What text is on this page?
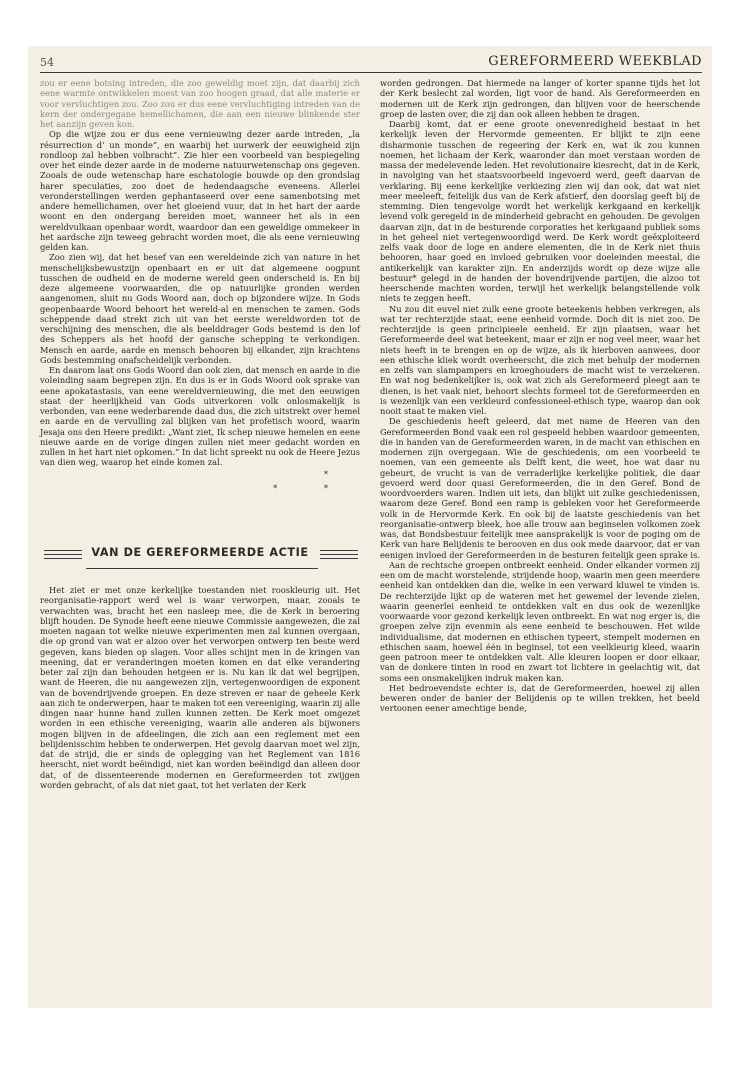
54	GEREFORMEERD WEEKBLAD

zou er eene botsing intreden, die zoo geweldig moet zijn, dat daarbij zich eene warmte ontwikkelen moest van zoo hoogen graad, dat alle materie er voor vervluchtigen zou. Zoo zou er dus eene vervluchtiging intreden van de kern der ondergegane hemellichamen, die aan een nieuwe blinkende ster het aanzijn geven kon.

Op die wijze zou er dus eene vernieuwing dezer aarde intreden, „la résurrection d’ un monde”, en waarbij het uurwerk der eeuwigheid zijn rondloop zal hebben volbracht”. Zie hier een voorbeeld van bespiegeling over het einde dezer aarde in de moderne natuurwetenschap ons gegeven. Zooals de oude wetenschap hare eschatologie bouwde op den grondslag harer speculaties, zoo doet de hedendaagsche eveneens. Allerlei veronderstellingen werden gephantaseerd over eene samenbotsing met andere hemellichamen, over het gloeiend vuur, dat in het hart der aarde woont en den ondergang bereiden moet, wanneer het als in een wereldvulkaan openbaar wordt, waardoor dan een geweldige ommekeer in het aardsche zijn teweeg gebracht worden moet, die als eene vernieuwing gelden kan.

Zoo zien wij, dat het besef van een wereldeinde zich van nature in het menschelijksbewustzijn openbaart en er uit dat algemeene oogpunt tusschen de oudheid en de moderne wereld geen onderscheid is. En bij deze algemeene voorwaarden, die op natuurlijke gronden werden aangenomen, sluit nu Gods Woord aan, doch op bijzondere wijze. In Gods geopenbaarde Woord behoort het wereld-al en menschen te zamen. Gods scheppende daad strekt zich uit van het eerste wereldworden tot de verschijning des menschen, die als beelddrager Gods bestemd is den lof des Scheppers als het hoofd der gansche schepping te verkondigen. Mensch en aarde, aarde en mensch behooren bij elkander, zijn krachtens Gods bestemming onafscheidelijk verbonden.

En daarom laat ons Gods Woord dan ook zien, dat mensch en aarde in die voleinding saam begrepen zijn. En dus is er in Gods Woord ook sprake van eene apokatastasis, van eene wereldvernieuwing, die met den eeuwigen staat der heerlijkheid van Gods uitverkoren volk onlosmakelijk is verbonden, van eene wederbarende daad dus, die zich uitstrekt over hemel en aarde en de vervulling zal blijken van het profetisch woord, waarin Jesaja ons den Heere predikt: „Want ziet, Ik schep nieuwe hemelen en eene nieuwe aarde en de vorige dingen zullen niet meer gedacht worden en zullen in het hart niet opkomen.” In dat licht spreekt nu ook de Heere Jezus van dien weg, waarop het einde komen zal.

*
* *
VAN DE GEREFORMEERDE ACTIE

Het ziet er met onze kerkelijke toestanden niet rooskleurig uit. Het reorganisatie-rapport werd wel is waar verworpen, maar, zooals te verwachten was, bracht het een nasleep mee, die de Kerk in beroering blijft houden. De Synode heeft eene nieuwe Commissie aangewezen, die zal moeten nagaan tot welke nieuwe experimenten men zal kunnen overgaan, die op grond van wat er alzoo over het verworpen ontwerp ten beste werd gegeven, kans bieden op slagen. Voor alles schijnt men in de kringen van meening, dat er veranderingen moeten komen en dat elke verandering beter zal zijn dan behouden hetgeen er is. Nu kan ik dat wel begrijpen, want de Heeren, die nu aangewezen zijn, vertegenwoordigen de exponent van de bovendrijvende groepen. En deze streven er naar de geheele Kerk aan zich te onderwerpen, haar te maken tot een vereeniging, waarin zij alle dingen naar hunne hand zullen kunnen zetten. De Kerk moet omgezet worden in een ethische vereeniging, waarin alle anderen als bijwoners mogen blijven in de afdeelingen, die zich aan een reglement met een belijdenisschim hebben te onderwerpen. Het gevolg daarvan moet wel zijn, dat de strijd, die er sinds de oplegging van het Reglement van 1816 heerscht, niet wordt beëindigd, niet kan worden beëindigd dan alleen door dat, of de dissenteerende modernen en Gereformeerden tot zwijgen worden gebracht, of als dat niet gaat, tot het verlaten der Kerk

worden gedrongen. Dat hiermede na langer of korter spanne tijds het lot der Kerk beslecht zal worden, ligt voor de hand. Als Gereformeerden en modernen uit de Kerk zijn gedrongen, dan blijven voor de heerschende groep de lasten over, die zij dan ook alleen hebben te dragen.

Daarbij komt, dat er eene groote onevenredigheid bestaat in het kerkelijk leven der Hervormde gemeenten. Er blijkt te zijn eene disharmonie tusschen de regeering der Kerk en, wat ik zou kunnen noemen, het lichaam der Kerk, waaronder dan moet verstaan worden de massa der medelevende leden. Het revolutionaire kiesrecht, dat in de Kerk, in navolging van het staatsvoorbeeld ingevoerd werd, geeft daarvan de verklaring. Bij eene kerkelijke verkiezing zien wij dan ook, dat wat niet meer meeleeft, feitelijk dus van de Kerk afstierf, den doorslag geeft bij de stemming. Dien tengevolge wordt het werkelijk kerkgaand en kerkelijk levend volk geregeld in de minderheid gebracht en gehouden. De gevolgen daarvan zijn, dat in de besturende corporaties het kerkgaand publiek soms in het geheel niet vertegenwoordigd werd. De Kerk wordt geëxploiteerd zelfs vaak door de loge en andere elementen, die in de Kerk niet thuis behooren, haar goed en invloed gebruiken voor doeleinden meestal, die antikerkelijk van karakter zijn. En anderzijds wordt op deze wijze alle bestuur* gelegd in de handen der bovendrijvende partijen, die alzoo tot heerschende machten worden, terwijl het werkelijk belangstellende volk niets te zeggen heeft.

Nu zou dit euvel niet zulk eene groote beteekenis hebben verkregen, als wat ter rechterzijde staat, eene eenheid vormde. Doch dit is niet zoo. De rechterzijde is geen principieele eenheid. Er zijn plaatsen, waar het Gereformeerde deel wat beteekent, maar er zijn er nog veel meer, waar het niets heeft in te brengen en op de wijze, als ik hierboven aanwees, door een ethische kliek wordt overheerscht, die zich met behulp der modernen en zelfs van slampampers en kroeghouders de macht wist te verzekeren. En wat nog bedenkelijker is, ook wat zich als Gereformeerd pleegt aan te dienen, is het vaak niet, behoort slechts formeel tot de Gereformeerden en is wezenlijk van een verkleurd confessioneel-ethisch type, waarop dan ook nooit staat te maken viel.

De geschiedenis heeft geleerd, dat met name de Heeren van den Gereformeerden Bond vaak een rol gespeeld hebben waardoor gemeenten, die in handen van de Gereformeerden waren, in de macht van ethischen en modernen zijn overgegaan. Wie de geschiedenis, om een voorbeeld te noemen, van een gemeente als Delft kent, die weet, hoe wat daar nu gebeurt, de vrucht is van de verraderlijke kerkelijke politiek, die daar gevoerd werd door quasi Gereformeerden, die in den Geref. Bond de woordvoerders waren. Indien uit iets, dan blijkt uit zulke geschiedenissen, waarom deze Geref. Bond een ramp is gebleken voor het Gereformeerde volk in de Hervormde Kerk. En ook bij de laatste geschiedenis van het reorganisatie-ontwerp bleek, hoe alle trouw aan beginselen volkomen zoek was, dat Bondsbestuur feitelijk mee aansprakelijk is voor de poging om de Kerk van hare Belijdenis te berooven en dus ook mede daarvoor, dat er van eenigen invloed der Gereformeerden in de besturen feitelijk geen sprake is.

Aan de rechtsche groepen ontbreekt eenheid. Onder elkander vormen zij een om de macht worstelende, strijdende hoop, waarin men geen meerdere eenheid kan ontdekken dan die, welke in een verward kluwel te vinden is. De rechterzijde lijkt op de wateren met het gewemel der levende zielen, waarin geenerlei eenheid te ontdekken valt en dus ook de wezenlijke voorwaarde voor gezond kerkelijk leven ontbreekt. En wat nog erger is, die groepen zelve zijn evenmin als eene eenheid te beschouwen. Het wilde individualisme, dat modernen en ethischen typeert, stempelt modernen en ethischen saam, hoewel één in beginsel, tot een veelkleurig kleed, waarin geen patroon meer te ontdekken valt. Alle kleuren loopen er door elkaar, van de donkere tinten in rood en zwart tot lichtere in geelachtig wit, dat soms een onsmakelijken indruk maken kan.

Het bedroevendste echter is, dat de Gereformeerden, hoewel zij allen beweren onder de banier der Belijdenis op te willen trekken, het beeld vertoonen eener amechtige bende,
